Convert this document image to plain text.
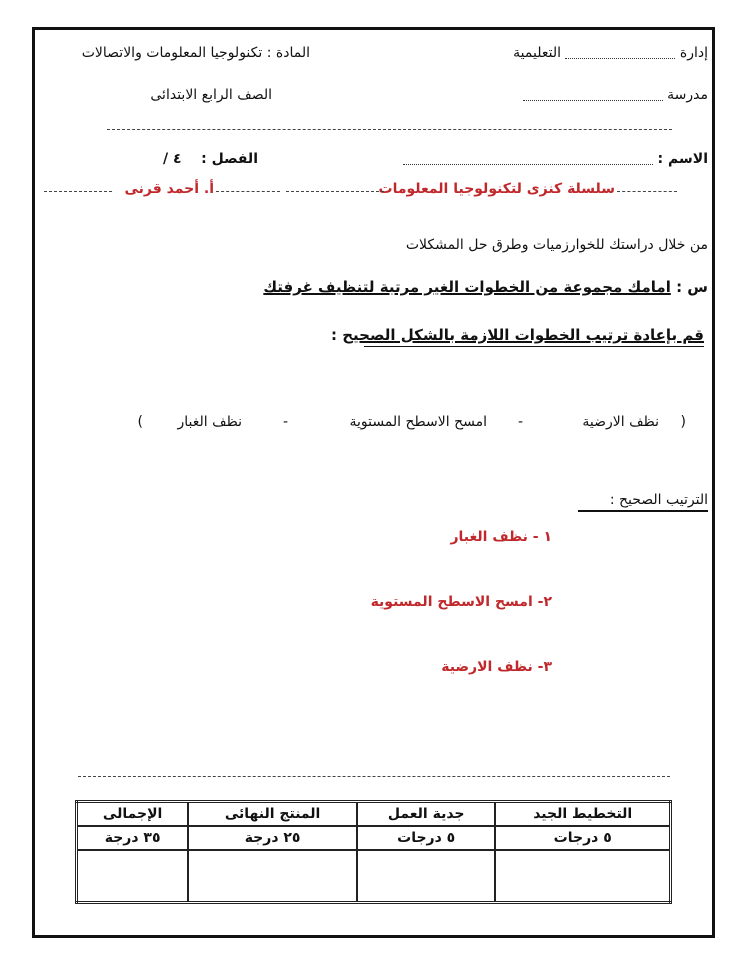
إدارة  التعليمية
المادة : تكنولوجيا المعلومات والاتصالات
مدرسة
الصف الرابع الابتدائى
الاسم :
الفصل :    ٤ /
سلسلة كنزى لتكنولوجيا المعلومات
أ. أحمد قرنى
من خلال دراستك للخوارزميات وطرق حل المشكلات
س : امامك مجموعة من الخطوات الغير مرتبة لتنظيف غرفتك
قم بإعادة ترتيب الخطوات اللازمة بالشكل الصحيح :
(
نظف الارضية
-
امسح الاسطح المستوية
-
نظف الغبار
)
الترتيب الصحيح :
١ - نظف الغبار
٢- امسح الاسطح المستوية
٣- نظف الارضية
التخطيط الجيد	جدية العمل	المنتج النهائى	الإجمالى
٥ درجات	٥ درجات	٢٥ درجة	٣٥ درجة
